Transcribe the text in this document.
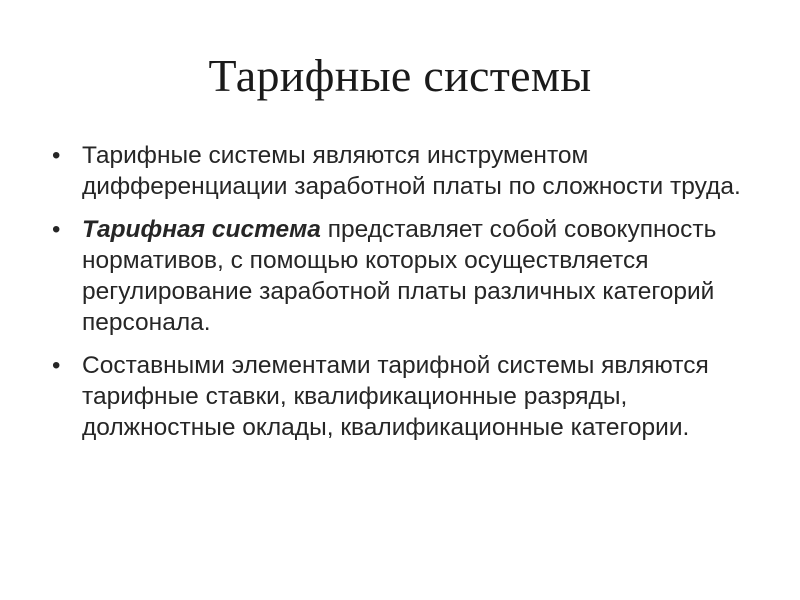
Тарифные системы
• Тарифные системы являются инструментом дифференциации заработной платы по сложности труда.
• Тарифная система представляет собой совокупность нормативов, с помощью которых осуществляется регулирование заработной платы различных категорий персонала.
• Составными элементами тарифной системы являются тарифные ставки, квалификационные разряды, должностные оклады, квалификационные категории.
